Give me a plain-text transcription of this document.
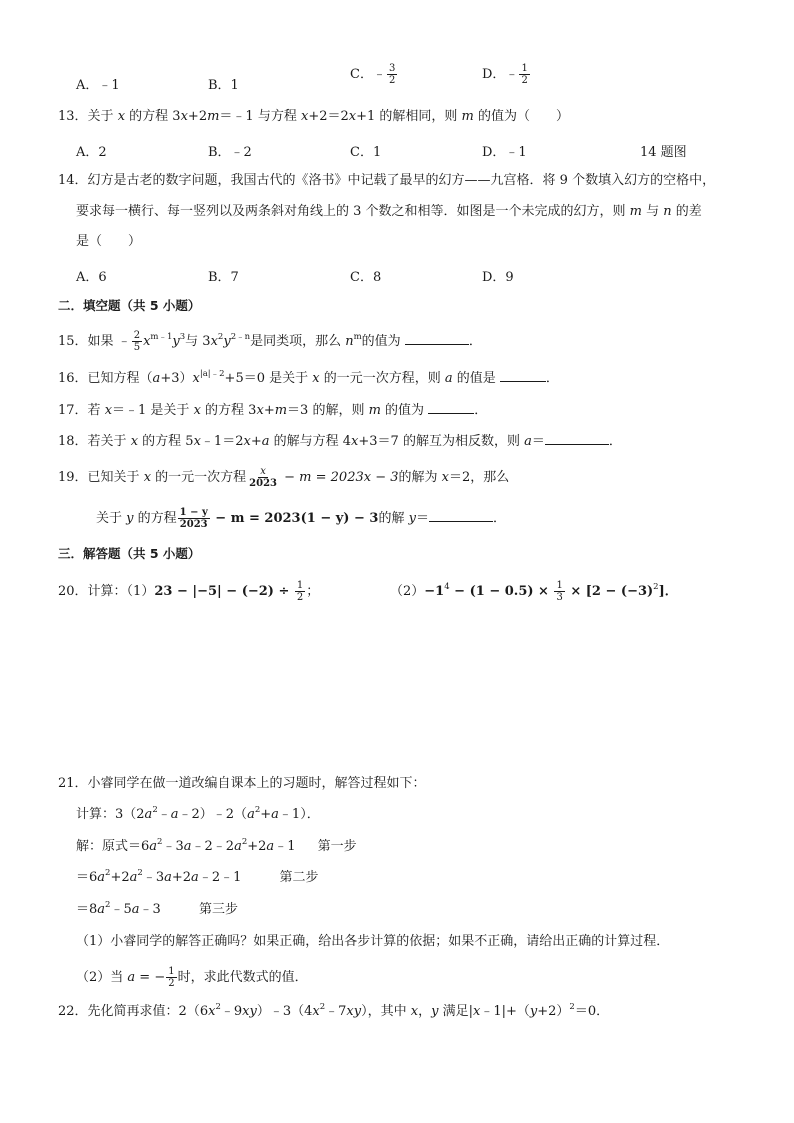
A．﹣1	B．1
C．﹣ $\frac{3}{2}$	D．﹣ $\frac{1}{2}$
13．关于 x 的方程 3x+2m＝﹣1 与方程 x+2＝2x+1 的解相同，则 m 的值为（　　）
A．2	B．﹣2	C．1	D．﹣1	14 题图
14．幻方是古老的数字问题，我国古代的《洛书》中记载了最早的幻方——九宫格．将 9 个数填入幻方的空格中，
要求每一横行、每一竖列以及两条斜对角线上的 3 个数之和相等．如图是一个未完成的幻方，则 m 与 n 的差
是（　　）
A．6	B．7	C．8	D．9
二．填空题（共 5 小题）
15．如果 ﹣ $\frac{2}{5} x^{m﹣1}y^3$与 $3x^2y^{2﹣n}$是同类项，那么 $n^m$的值为	．
16．已知方程$(a+3)x^{|a|﹣2}+5=0$ 是关于 x 的一元一次方程，则 a 的值是	．
17．若 x＝﹣1 是关于 x 的方程 3x+m＝3 的解，则 m 的值为	．
18．若关于 x 的方程 5x﹣1＝2x+a 的解与方程 4x+3＝7 的解互为相反数，则 a＝	．
19．已知关于 x 的一元一次方程 $\frac{x}{2023} - m = 2023x - 3$的解为 x＝2，那么
关于 y 的方程 $\frac{1 - y}{2023} - m = 2023(1 - y) - 3$的解 y＝	．
三．解答题（共 5 小题）
20．计算：$(1)23 - |-5| - (-2) \div \frac{1}{2}$ ；	$(2)-1^4 - (1 - 0.5) \times \frac{1}{3} \times [2 - (-3)^2]$．
21．小睿同学在做一道改编自课本上的习题时，解答过程如下：
计算：$3(2a^2﹣a﹣2)﹣2(a^2+a﹣1)$．
解：原式$=6a^2﹣3a﹣2﹣2a^2+2a﹣1$ 第一步
$=6a^2+2a^2﹣3a+2a﹣2﹣1$	第二步
$=8a^2﹣5a﹣3$	第三步
（1）小睿同学的解答正确吗？如果正确，给出各步计算的依据；如果不正确，请给出正确的计算过程．
（2）当 a = − $\frac{1}{2}$ 时，求此代数式的值．
22．先化简再求值：$2(6x^2﹣9xy)﹣3(4x^2﹣7xy)$，其中 x，y 满足$|x﹣1|+(y+2)^2=0$．
